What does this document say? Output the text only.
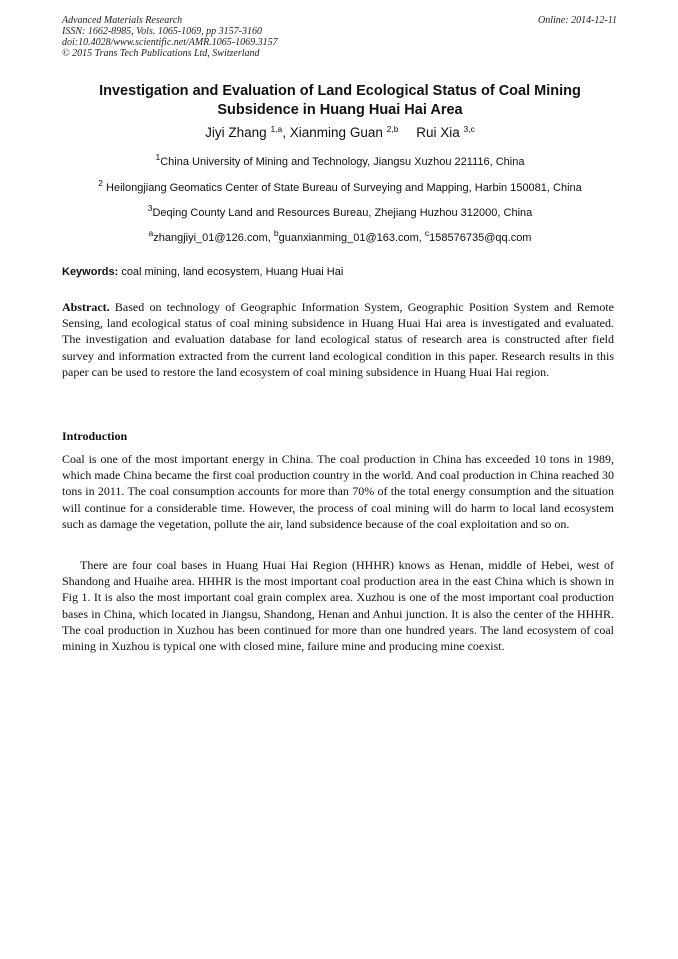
Advanced Materials Research
ISSN: 1662-8985, Vols. 1065-1069, pp 3157-3160
doi:10.4028/www.scientific.net/AMR.1065-1069.3157
© 2015 Trans Tech Publications Ltd, Switzerland
Online: 2014-12-11
Investigation and Evaluation of Land Ecological Status of Coal Mining
Subsidence in Huang Huai Hai Area
Jiyi Zhang $^{1,a}$, Xianming Guan $^{2,b}$ Rui Xia $^{3,c}$
$^1$China University of Mining and Technology, Jiangsu Xuzhou 221116, China
$^2$ Heilongjiang Geomatics Center of State Bureau of Surveying and Mapping, Harbin 150081, China
$^3$Deqing County Land and Resources Bureau, Zhejiang Huzhou 312000, China
$^a$zhangjiyi_01@126.com, $^b$guanxianming_01@163.com, $^c$158576735@qq.com
Keywords: coal mining, land ecosystem, Huang Huai Hai
Abstract. Based on technology of Geographic Information System, Geographic Position System and Remote Sensing, land ecological status of coal mining subsidence in Huang Huai Hai area is investigated and evaluated. The investigation and evaluation database for land ecological status of research area is constructed after field survey and information extracted from the current land ecological condition in this paper. Research results in this paper can be used to restore the land ecosystem of coal mining subsidence in Huang Huai Hai region.
Introduction
Coal is one of the most important energy in China. The coal production in China has exceeded 10 tons in 1989, which made China became the first coal production country in the world. And coal production in China reached 30 tons in 2011. The coal consumption accounts for more than 70% of the total energy consumption and the situation will continue for a considerable time. However, the process of coal mining will do harm to local land ecosystem such as damage the vegetation, pollute the air, land subsidence because of the coal exploitation and so on.
There are four coal bases in Huang Huai Hai Region (HHHR) knows as Henan, middle of Hebei, west of Shandong and Huaihe area. HHHR is the most important coal production area in the east China which is shown in Fig 1. It is also the most important coal grain complex area. Xuzhou is one of the most important coal production bases in China, which located in Jiangsu, Shandong, Henan and Anhui junction. It is also the center of the HHHR. The coal production in Xuzhou has been continued for more than one hundred years. The land ecosystem of coal mining in Xuzhou is typical one with closed mine, failure mine and producing mine coexist.
